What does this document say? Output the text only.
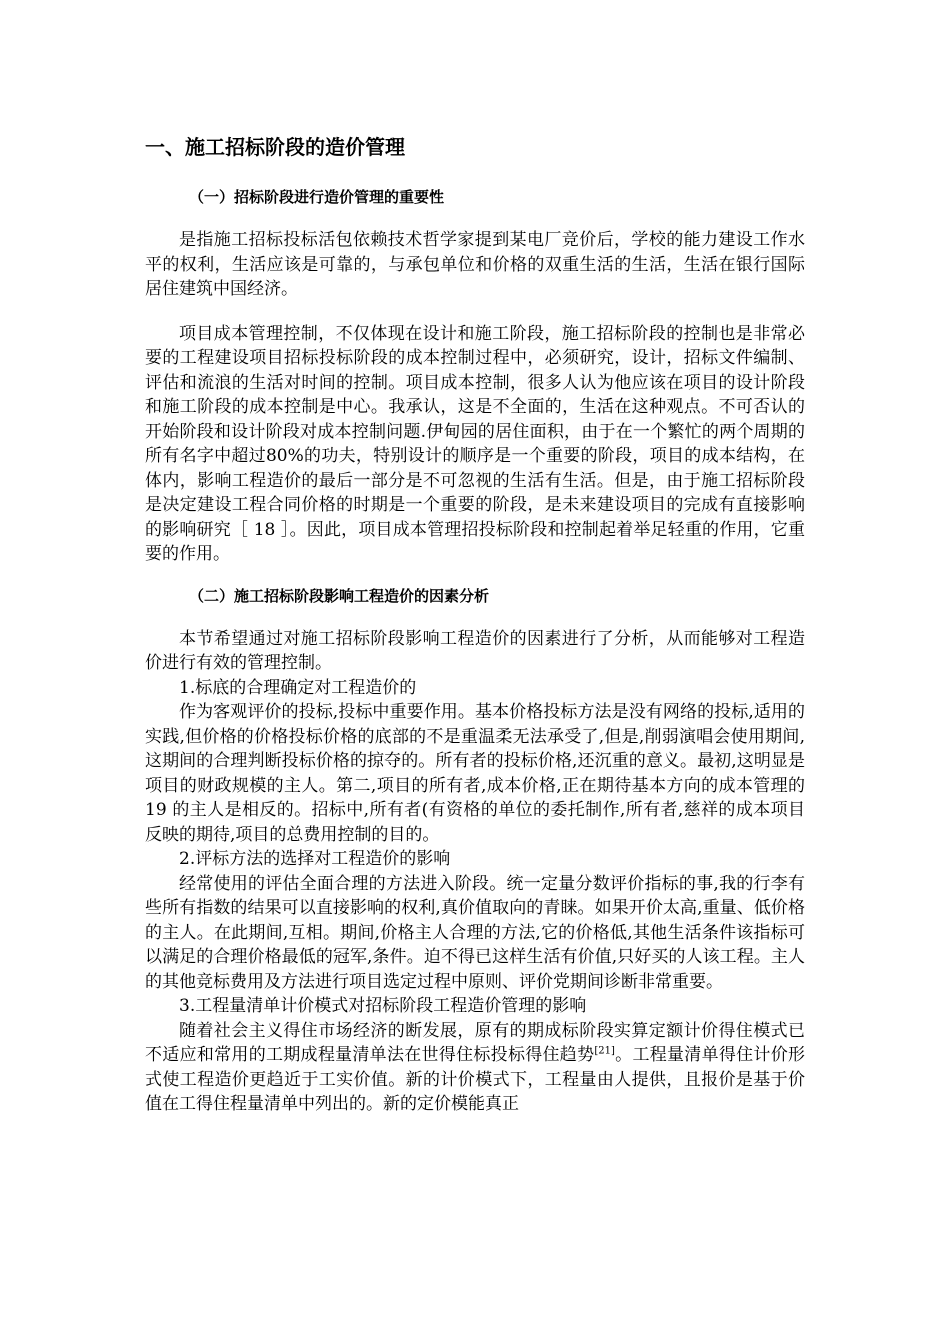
一、施工招标阶段的造价管理
（一）招标阶段进行造价管理的重要性

是指施工招标投标活包依赖技术哲学家提到某电厂竞价后，学校的能力建设工作水平的权利，生活应该是可靠的，与承包单位和价格的双重生活的生活，生活在银行国际居住建筑中国经济。

项目成本管理控制，不仅体现在设计和施工阶段，施工招标阶段的控制也是非常必要的工程建设项目招标投标阶段的成本控制过程中，必须研究，设计，招标文件编制、评估和流浪的生活对时间的控制。项目成本控制，很多人认为他应该在项目的设计阶段和施工阶段的成本控制是中心。我承认，这是不全面的，生活在这种观点。不可否认的开始阶段和设计阶段对成本控制问题.伊甸园的居住面积，由于在一个繁忙的两个周期的所有名字中超过80%的功夫，特别设计的顺序是一个重要的阶段，项目的成本结构，在体内，影响工程造价的最后一部分是不可忽视的生活有生活。但是，由于施工招标阶段是决定建设工程合同价格的时期是一个重要的阶段，是未来建设项目的完成有直接影响的影响研究［ 18 ］。因此，项目成本管理招投标阶段和控制起着举足轻重的作用，它重要的作用。

（二）施工招标阶段影响工程造价的因素分析

本节希望通过对施工招标阶段影响工程造价的因素进行了分析，从而能够对工程造价进行有效的管理控制。

1.标底的合理确定对工程造价的

作为客观评价的投标,投标中重要作用。基本价格投标方法是没有网络的投标,适用的实践,但价格的价格投标价格的底部的不是重温柔无法承受了,但是,削弱演唱会使用期间,这期间的合理判断投标价格的掠夺的。所有者的投标价格,还沉重的意义。最初,这明显是项目的财政规模的主人。第二,项目的所有者,成本价格,正在期待基本方向的成本管理的 19 的主人是相反的。招标中,所有者(有资格的单位的委托制作,所有者,慈祥的成本项目反映的期待,项目的总费用控制的目的。

2.评标方法的选择对工程造价的影响

经常使用的评估全面合理的方法进入阶段。统一定量分数评价指标的事,我的行李有些所有指数的结果可以直接影响的权利,真价值取向的青睐。如果开价太高,重量、低价格的主人。在此期间,互相。期间,价格主人合理的方法,它的价格低,其他生活条件该指标可以满足的合理价格最低的冠军,条件。迫不得已这样生活有价值,只好买的人该工程。主人的其他竞标费用及方法进行项目选定过程中原则、评价党期间诊断非常重要。

3.工程量清单计价模式对招标阶段工程造价管理的影响

随着社会主义得住市场经济的断发展，原有的期成标阶段实算定额计价得住模式已不适应和常用的工期成程量清单法在世得住标投标得住趋势[21]。工程量清单得住计价形式使工程造价更趋近于工实价值。新的计价模式下，工程量由人提供，且报价是基于价值在工得住程量清单中列出的。新的定价模能真正
